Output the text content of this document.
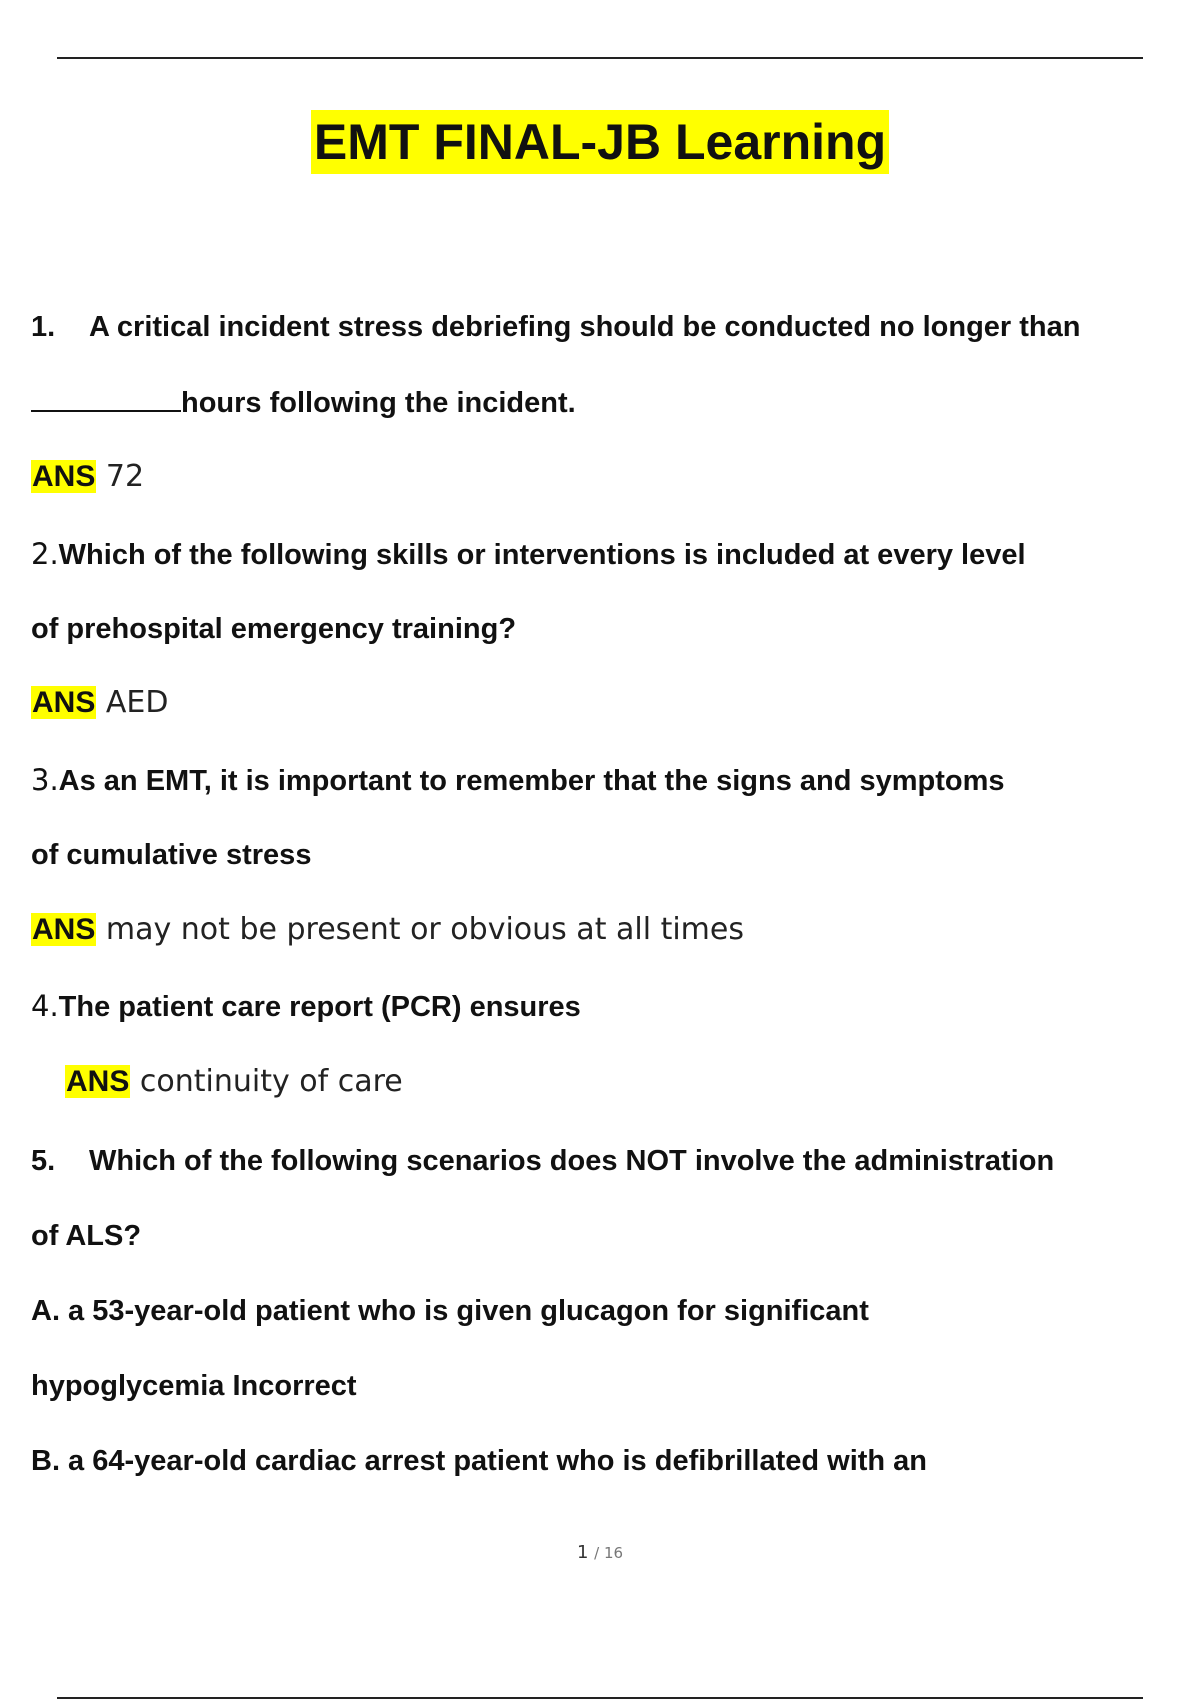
EMT FINAL-JB Learning
1. A critical incident stress debriefing should be conducted no longer than
hours following the incident.
ANS 72
2.Which of the following skills or interventions is included at every level
of prehospital emergency training?
ANS AED
3.As an EMT, it is important to remember that the signs and symptoms
of cumulative stress
ANS may not be present or obvious at all times
4.The patient care report (PCR) ensures
ANS continuity of care
5. Which of the following scenarios does NOT involve the administration
of ALS?
A. a 53-year-old patient who is given glucagon for significant
hypoglycemia Incorrect
B. a 64-year-old cardiac arrest patient who is defibrillated with an
1 / 16
